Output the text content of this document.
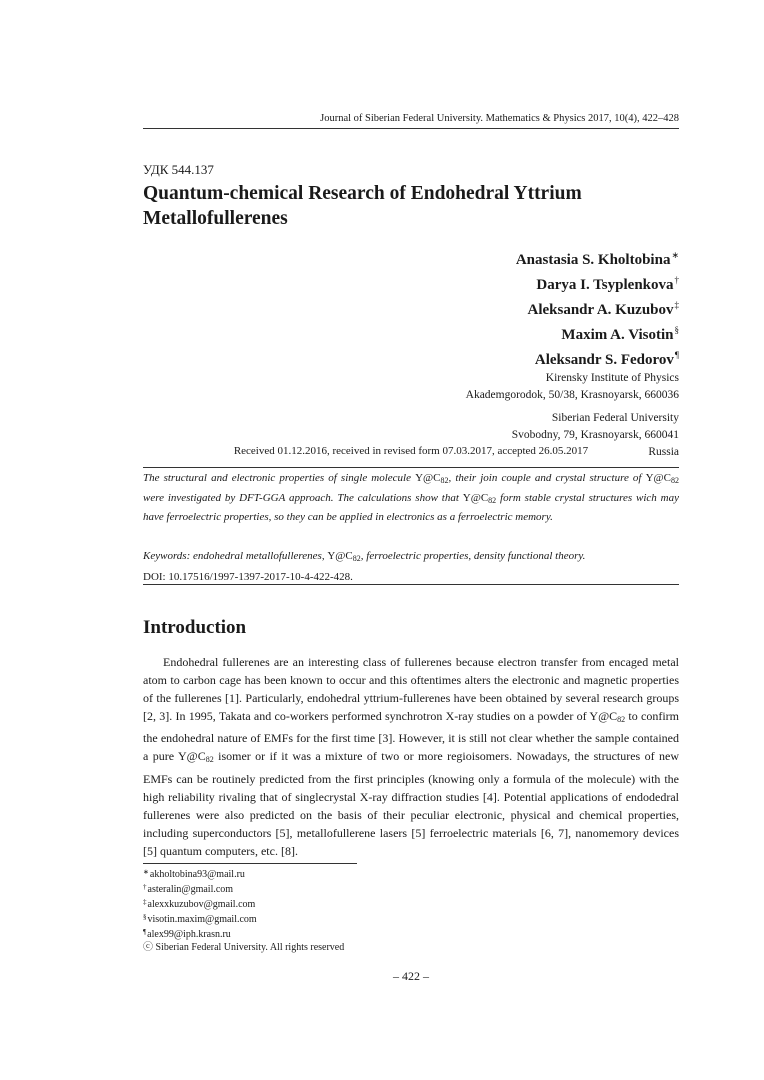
Journal of Siberian Federal University. Mathematics & Physics 2017, 10(4), 422–428
УДК 544.137
Quantum-chemical Research of Endohedral Yttrium Metallofullerenes
Anastasia S. Kholtobina∗
Darya I. Tsyplenkova†
Aleksandr A. Kuzubov‡
Maxim A. Visotin§
Aleksandr S. Fedorov¶
Kirensky Institute of Physics
Akademgorodok, 50/38, Krasnoyarsk, 660036
Siberian Federal University
Svobodny, 79, Krasnoyarsk, 660041
Russia
Received 01.12.2016, received in revised form 07.03.2017, accepted 26.05.2017
The structural and electronic properties of single molecule $Y@C_{82}$, their join couple and crystal structure of $Y@C_{82}$ were investigated by DFT-GGA approach. The calculations show that $Y@C_{82}$ form stable crystal structures wich may have ferroelectric properties, so they can be applied in electronics as a ferroelectric memory.
Keywords: endohedral metallofullerenes, $Y@C_{82}$, ferroelectric properties, density functional theory.
DOI: 10.17516/1997-1397-2017-10-4-422-428.
Introduction
Endohedral fullerenes are an interesting class of fullerenes because electron transfer from encaged metal atom to carbon cage has been known to occur and this oftentimes alters the electronic and magnetic properties of the fullerenes [1]. Particularly, endohedral yttrium-fullerenes have been obtained by several research groups [2, 3]. In 1995, Takata and co-workers performed synchrotron X-ray studies on a powder of $Y@C_{82}$ to confirm the endohedral nature of EMFs for the first time [3]. However, it is still not clear whether the sample contained a pure $Y@C_{82}$ isomer or if it was a mixture of two or more regioisomers. Nowadays, the structures of new EMFs can be routinely predicted from the first principles (knowing only a formula of the molecule) with the high reliability rivaling that of singlecrystal X-ray diffraction studies [4]. Potential applications of endodedral fullerenes were also predicted on the basis of their peculiar electronic, physical and chemical properties, including superconductors [5], metallofullerene lasers [5] ferroelectric materials [6, 7], nanomemory devices [5] quantum computers, etc. [8].
∗akholtobina93@mail.ru
†asteralin@gmail.com
‡alexxkuzubov@gmail.com
§visotin.maxim@gmail.com
¶alex99@iph.krasn.ru
ⓒ Siberian Federal University. All rights reserved
– 422 –
